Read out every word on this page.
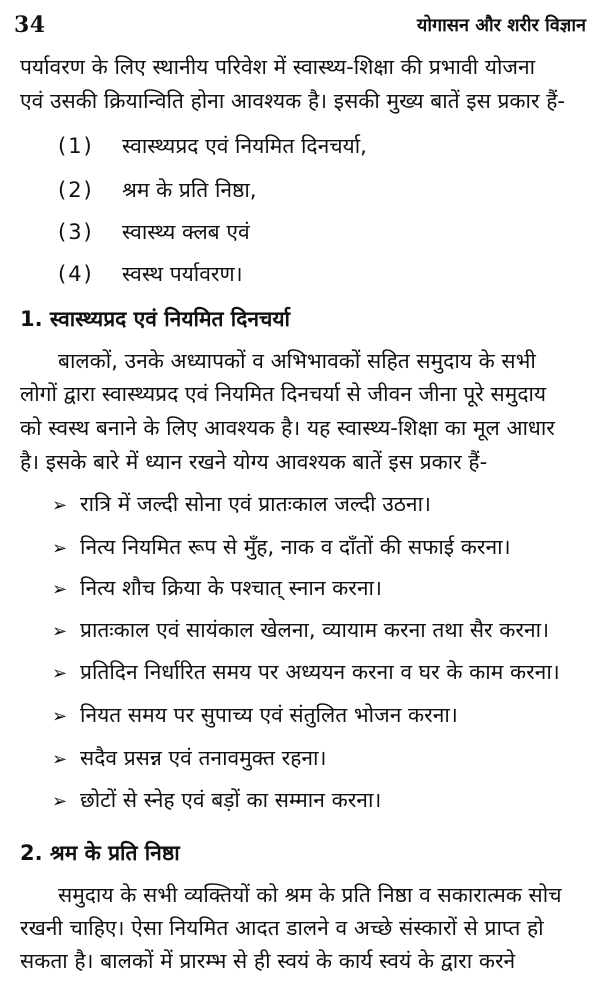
34	योगासन और शरीर विज्ञान
पर्यावरण के लिए स्थानीय परिवेश में स्वास्थ्य-शिक्षा की प्रभावी योजना
एवं उसकी क्रियान्विति होना आवश्यक है। इसकी मुख्य बातें इस प्रकार हैं-
(1) स्वास्थ्यप्रद एवं नियमित दिनचर्या,
(2) श्रम के प्रति निष्ठा,
(3) स्वास्थ्य क्लब एवं
(4) स्वस्थ पर्यावरण।
1. स्वास्थ्यप्रद एवं नियमित दिनचर्या
बालकों, उनके अध्यापकों व अभिभावकों सहित समुदाय के सभी
लोगों द्वारा स्वास्थ्यप्रद एवं नियमित दिनचर्या से जीवन जीना पूरे समुदाय
को स्वस्थ बनाने के लिए आवश्यक है। यह स्वास्थ्य-शिक्षा का मूल आधार
है। इसके बारे में ध्यान रखने योग्य आवश्यक बातें इस प्रकार हैं-
➢ रात्रि में जल्दी सोना एवं प्रातःकाल जल्दी उठना।
➢ नित्य नियमित रूप से मुँह, नाक व दाँतों की सफाई करना।
➢ नित्य शौच क्रिया के पश्चात् स्नान करना।
➢ प्रातःकाल एवं सायंकाल खेलना, व्यायाम करना तथा सैर करना।
➢ प्रतिदिन निर्धारित समय पर अध्ययन करना व घर के काम करना।
➢ नियत समय पर सुपाच्य एवं संतुलित भोजन करना।
➢ सदैव प्रसन्न एवं तनावमुक्त रहना।
➢ छोटों से स्नेह एवं बड़ों का सम्मान करना।
2. श्रम के प्रति निष्ठा
समुदाय के सभी व्यक्तियों को श्रम के प्रति निष्ठा व सकारात्मक सोच
रखनी चाहिए। ऐसा नियमित आदत डालने व अच्छे संस्कारों से प्राप्त हो
सकता है। बालकों में प्रारम्भ से ही स्वयं के कार्य स्वयं के द्वारा करने
